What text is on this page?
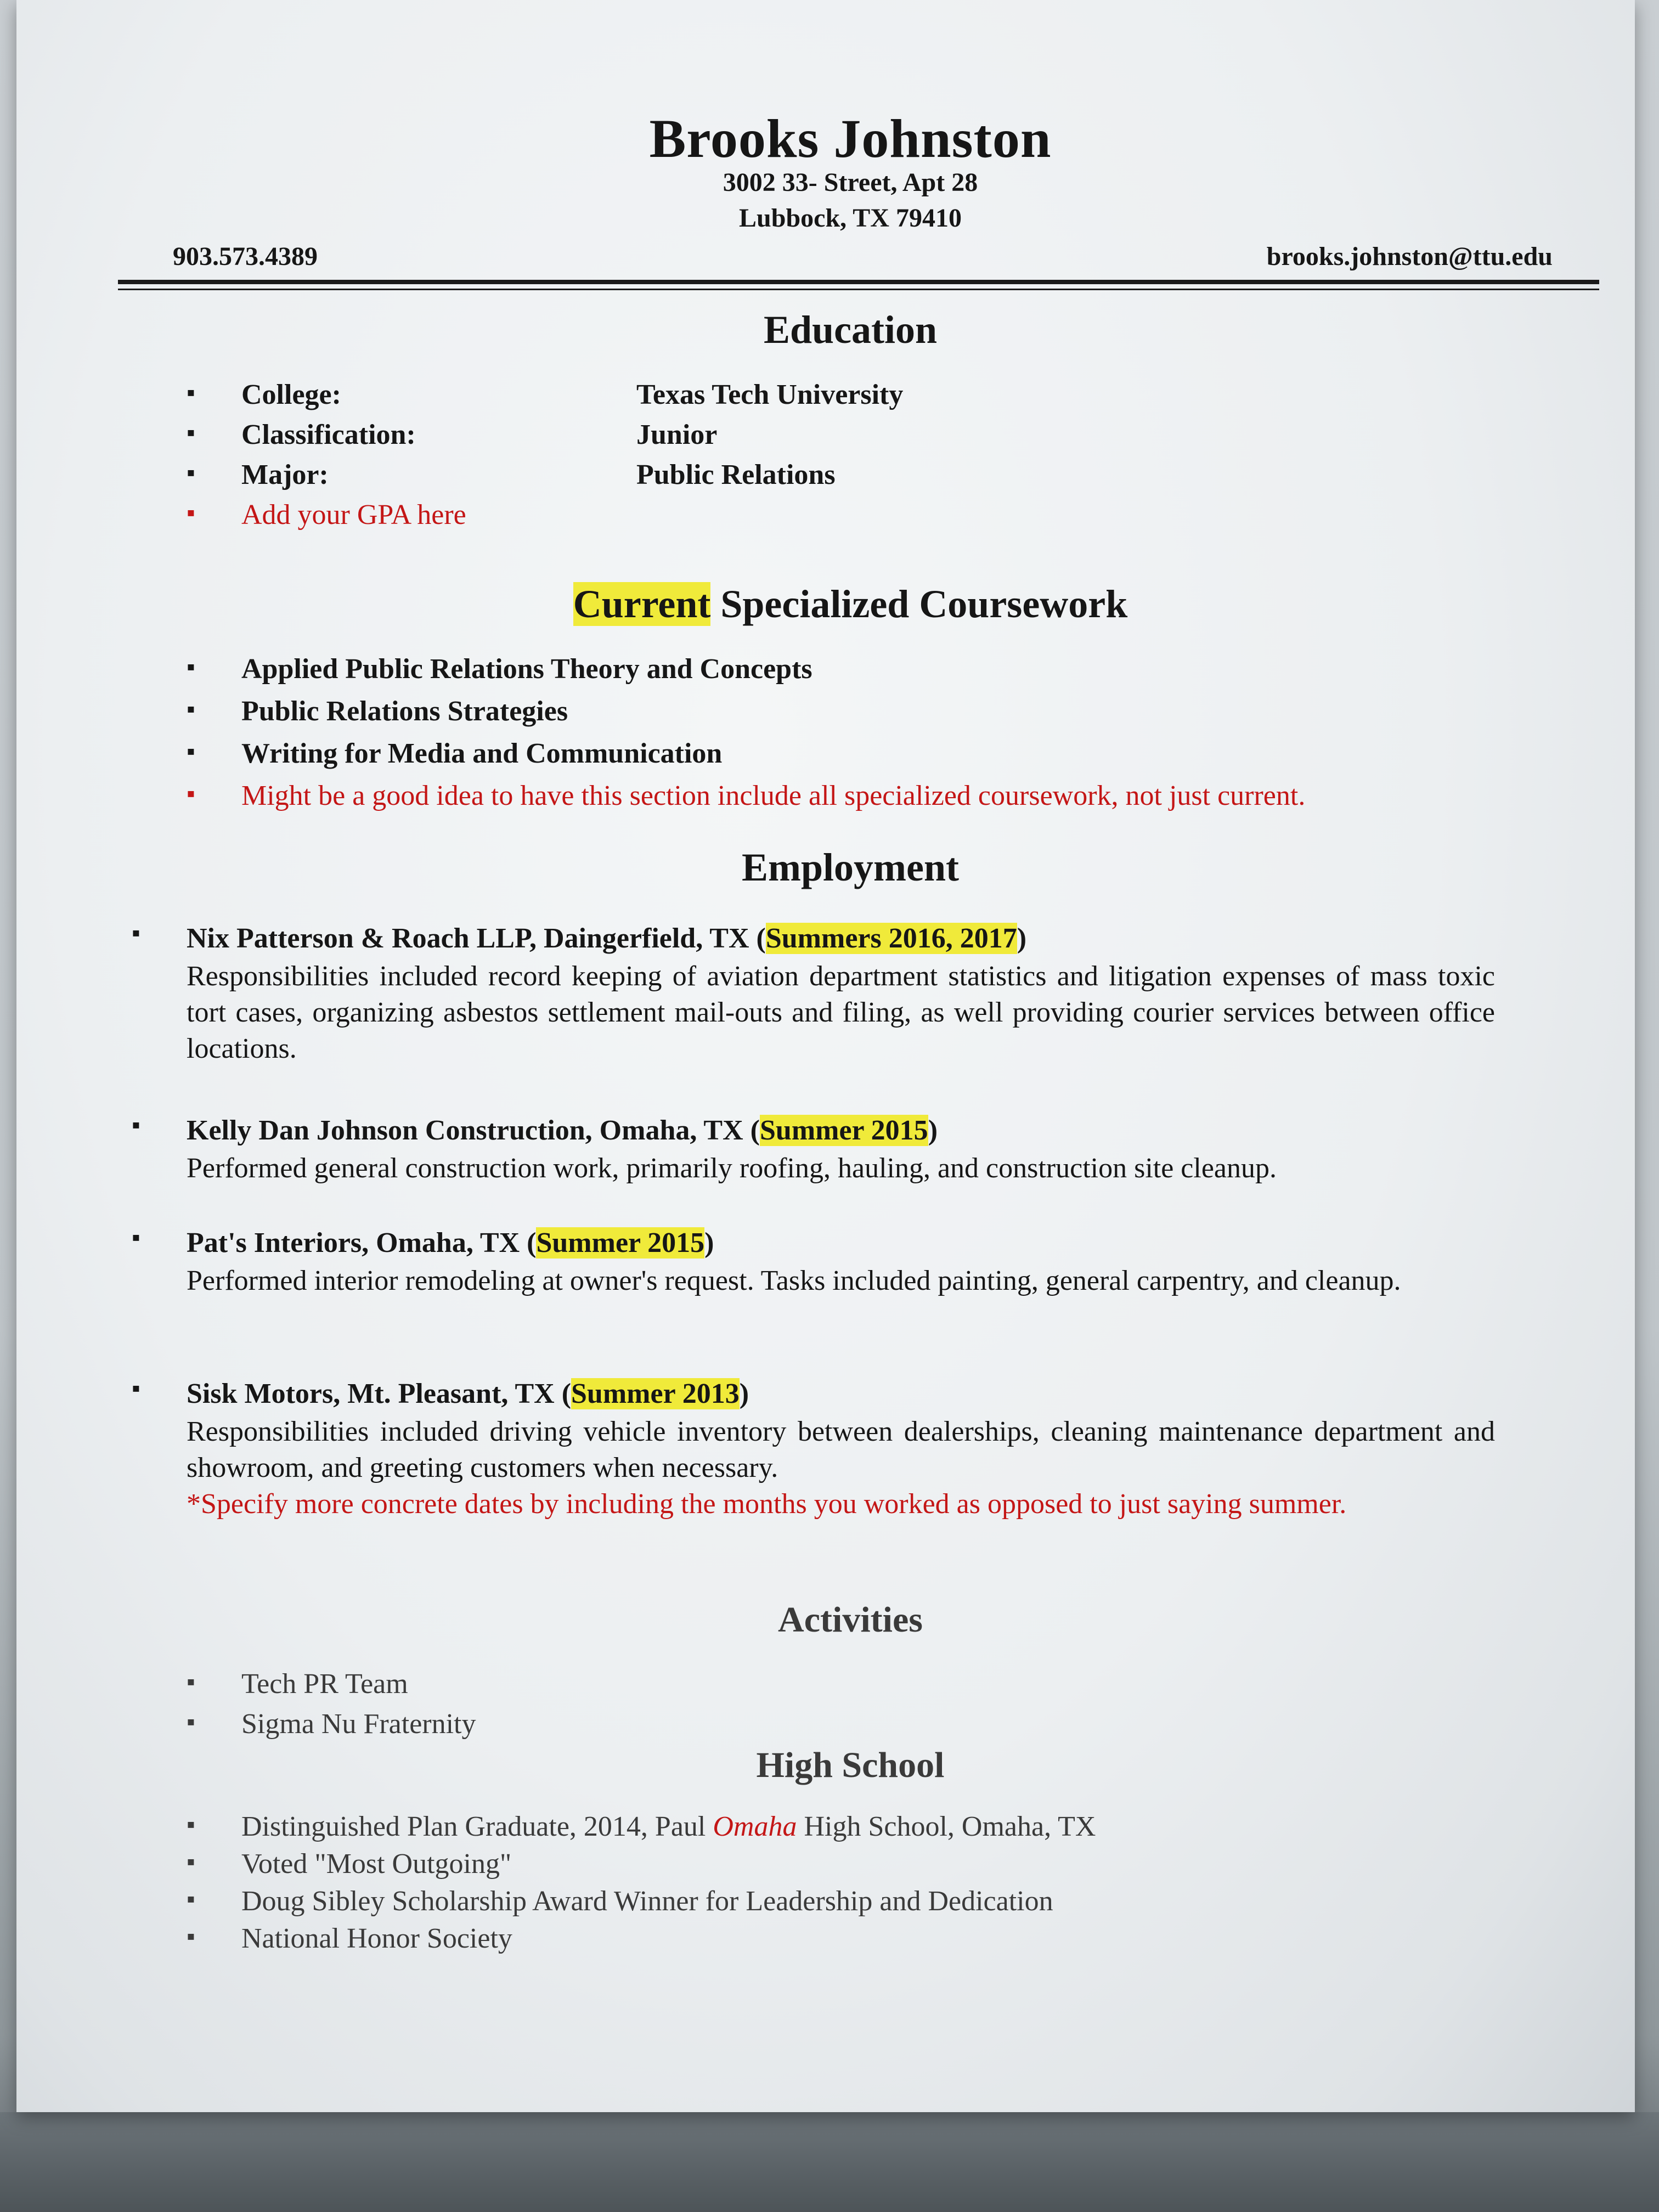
Brooks Johnston
3002 33- Street, Apt 28
Lubbock, TX 79410
903.573.4389	brooks.johnston@ttu.edu
Education
▪ College:	Texas Tech University
▪ Classification:	Junior
▪ Major:	Public Relations
▪ Add your GPA here
Current Specialized Coursework
▪ Applied Public Relations Theory and Concepts
▪ Public Relations Strategies
▪ Writing for Media and Communication
▪ Might be a good idea to have this section include all specialized coursework, not just current.
Employment
▪ Nix Patterson & Roach LLP, Daingerfield, TX (Summers 2016, 2017)
Responsibilities included record keeping of aviation department statistics and litigation expenses of mass toxic tort cases, organizing asbestos settlement mail-outs and filing, as well providing courier services between office locations.
▪ Kelly Dan Johnson Construction, Omaha, TX (Summer 2015)
Performed general construction work, primarily roofing, hauling, and construction site cleanup.
▪ Pat's Interiors, Omaha, TX (Summer 2015)
Performed interior remodeling at owner's request. Tasks included painting, general carpentry, and cleanup.
▪ Sisk Motors, Mt. Pleasant, TX (Summer 2013)
Responsibilities included driving vehicle inventory between dealerships, cleaning maintenance department and showroom, and greeting customers when necessary.
*Specify more concrete dates by including the months you worked as opposed to just saying summer.
Activities
▪ Tech PR Team
▪ Sigma Nu Fraternity
High School
▪ Distinguished Plan Graduate, 2014, Paul Omaha High School, Omaha, TX
▪ Voted "Most Outgoing"
▪ Doug Sibley Scholarship Award Winner for Leadership and Dedication
▪ National Honor Society
